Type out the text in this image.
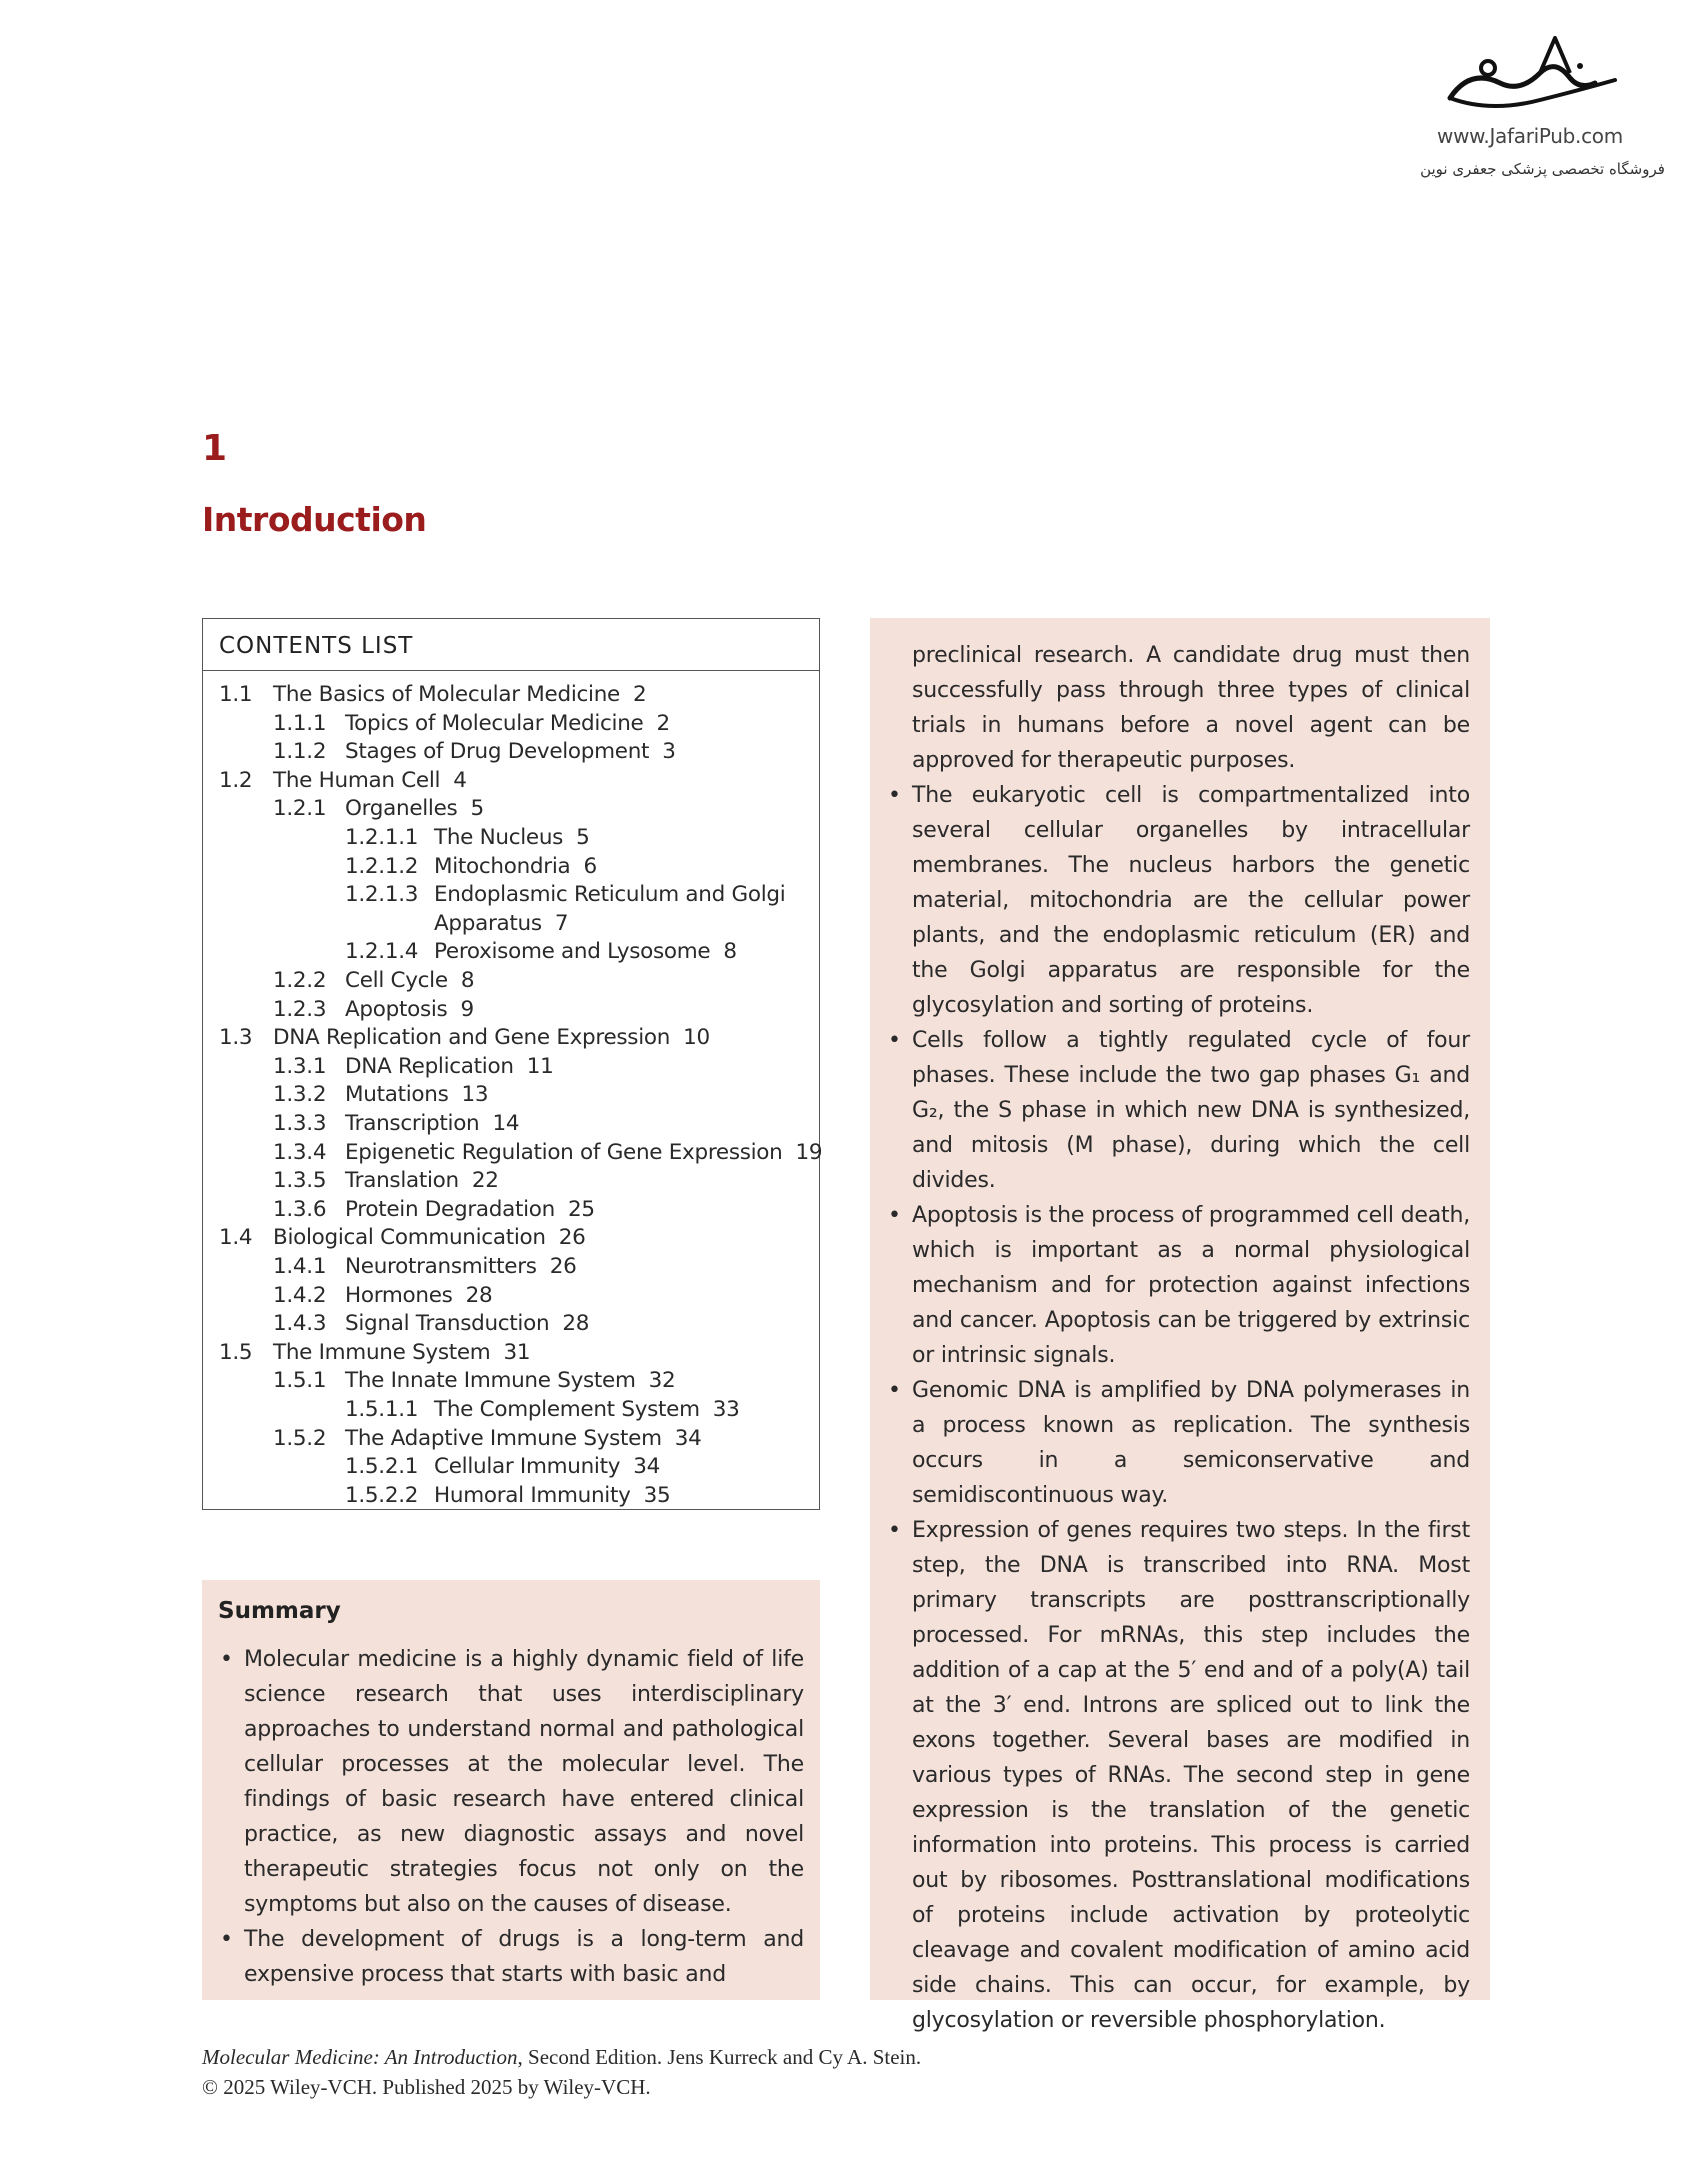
www.JafariPub.com
فروشگاه تخصصی پزشکی جعفری نوین
1
Introduction
CONTENTS LIST
1.1 The Basics of Molecular Medicine  2
1.1.1 Topics of Molecular Medicine  2
1.1.2 Stages of Drug Development  3
1.2 The Human Cell  4
1.2.1 Organelles  5
1.2.1.1 The Nucleus  5
1.2.1.2 Mitochondria  6
1.2.1.3 Endoplasmic Reticulum and Golgi
Apparatus  7
1.2.1.4 Peroxisome and Lysosome  8
1.2.2 Cell Cycle  8
1.2.3 Apoptosis  9
1.3 DNA Replication and Gene Expression  10
1.3.1 DNA Replication  11
1.3.2 Mutations  13
1.3.3 Transcription  14
1.3.4 Epigenetic Regulation of Gene Expression  19
1.3.5 Translation  22
1.3.6 Protein Degradation  25
1.4 Biological Communication  26
1.4.1 Neurotransmitters  26
1.4.2 Hormones  28
1.4.3 Signal Transduction  28
1.5 The Immune System  31
1.5.1 The Innate Immune System  32
1.5.1.1 The Complement System  33
1.5.2 The Adaptive Immune System  34
1.5.2.1 Cellular Immunity  34
1.5.2.2 Humoral Immunity  35
Summary
• Molecular medicine is a highly dynamic field of life science research that uses interdisciplinary approaches to understand normal and pathological cellular processes at the molecular level. The findings of basic research have entered clinical practice, as new diagnostic assays and novel therapeutic strategies focus not only on the symptoms but also on the causes of disease.
• The development of drugs is a long-term and expensive process that starts with basic and
preclinical research. A candidate drug must then successfully pass through three types of clinical trials in humans before a novel agent can be approved for therapeutic purposes.
• The eukaryotic cell is compartmentalized into several cellular organelles by intracellular membranes. The nucleus harbors the genetic material, mitochondria are the cellular power plants, and the endoplasmic reticulum (ER) and the Golgi apparatus are responsible for the glycosylation and sorting of proteins.
• Cells follow a tightly regulated cycle of four phases. These include the two gap phases G₁ and G₂, the S phase in which new DNA is synthesized, and mitosis (M phase), during which the cell divides.
• Apoptosis is the process of programmed cell death, which is important as a normal physiological mechanism and for protection against infections and cancer. Apoptosis can be triggered by extrinsic or intrinsic signals.
• Genomic DNA is amplified by DNA polymerases in a process known as replication. The synthesis occurs in a semiconservative and semidiscontinuous way.
• Expression of genes requires two steps. In the first step, the DNA is transcribed into RNA. Most primary transcripts are posttranscriptionally processed. For mRNAs, this step includes the addition of a cap at the 5′ end and of a poly(A) tail at the 3′ end. Introns are spliced out to link the exons together. Several bases are modified in various types of RNAs. The second step in gene expression is the translation of the genetic information into proteins. This process is carried out by ribosomes. Posttranslational modifications of proteins include activation by proteolytic cleavage and covalent modification of amino acid side chains. This can occur, for example, by glycosylation or reversible phosphorylation.
Molecular Medicine: An Introduction, Second Edition. Jens Kurreck and Cy A. Stein.
© 2025 Wiley-VCH. Published 2025 by Wiley-VCH.
